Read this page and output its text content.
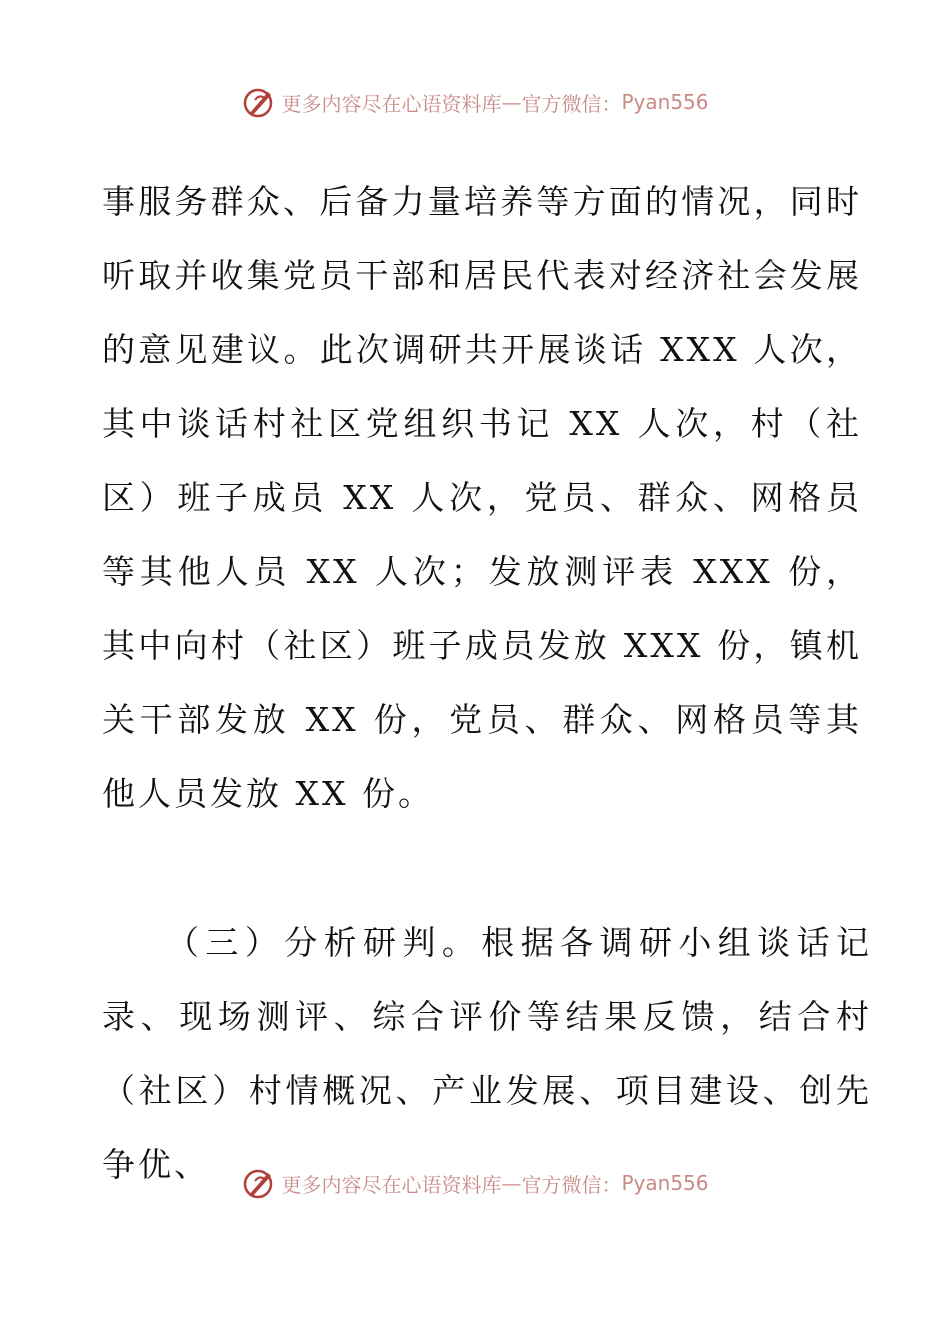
更多内容尽在心语资料库 — 官方微信： Pyan556

事服务群众、后备力量培养等方面的情况，同时听取并收集党员干部和居民代表对经济社会发展的意见建议。此次调研共开展谈话 XXX 人次，其中谈话村社区党组织书记 XX 人次，村（社区）班子成员 XX 人次，党员、群众、网格员等其他人员 XX 人次；发放测评表 XXX 份，其中向村（社区）班子成员发放 XXX 份，镇机关干部发放 XX 份，党员、群众、网格员等其他人员发放 XX 份。

（三）分析研判。根据各调研小组谈话记录、现场测评、综合评价等结果反馈，结合村（社区）村情概况、产业发展、项目建设、创先争优、

更多内容尽在心语资料库 — 官方微信： Pyan556
